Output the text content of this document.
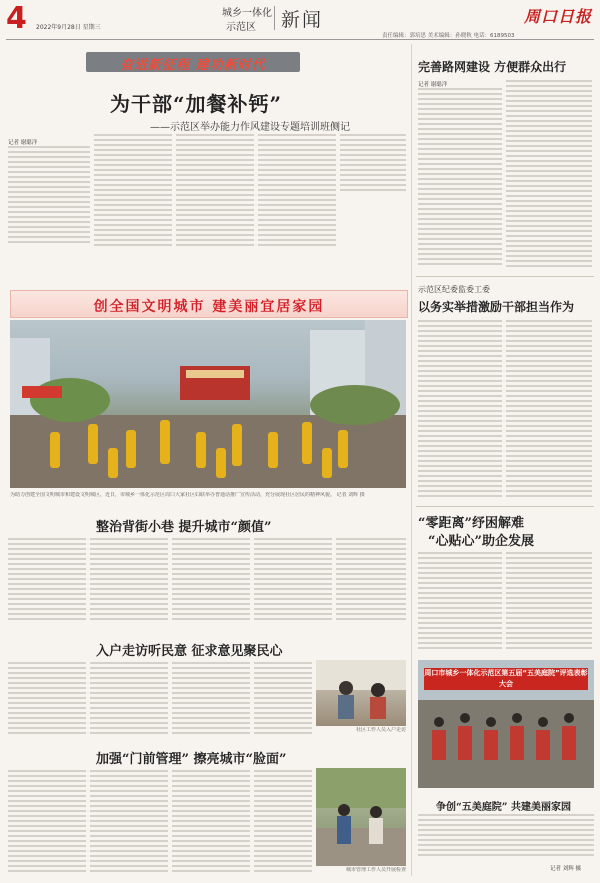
4 2022年9月28日 星期三
城乡一体化
示范区 新闻	周口日报
责任编辑：郭培思 美术编辑：孙晓秋 电话：6189503
奋进新征程 建功新时代
为干部“加餐补钙”
——示范区举办能力作风建设专题培训班侧记
记者 谢聪洋
创全国文明城市 建美丽宜居家园
为助力创建全国文明城市和建设文明城区，近日，市城乡一体化示范区周口大家社区妇联举办普通话推广宣传活动，充分展现社区居民的精神风貌。 记者 刘辉 摄
整治背街小巷 提升城市“颜值”
入户走访听民意 征求意见聚民心
社区工作人员入户走访
加强“门前管理” 擦亮城市“脸面”
城市管理工作人员开展检查
完善路网建设 方便群众出行
记者 谢聪洋
示范区纪委监委工委
以务实举措激励干部担当作为
“零距离”纾困解难
“心贴心”助企发展
周口市城乡一体化示范区第五届“五美庭院”评选表彰大会
争创“五美庭院” 共建美丽家园
记者 刘辉 摄
